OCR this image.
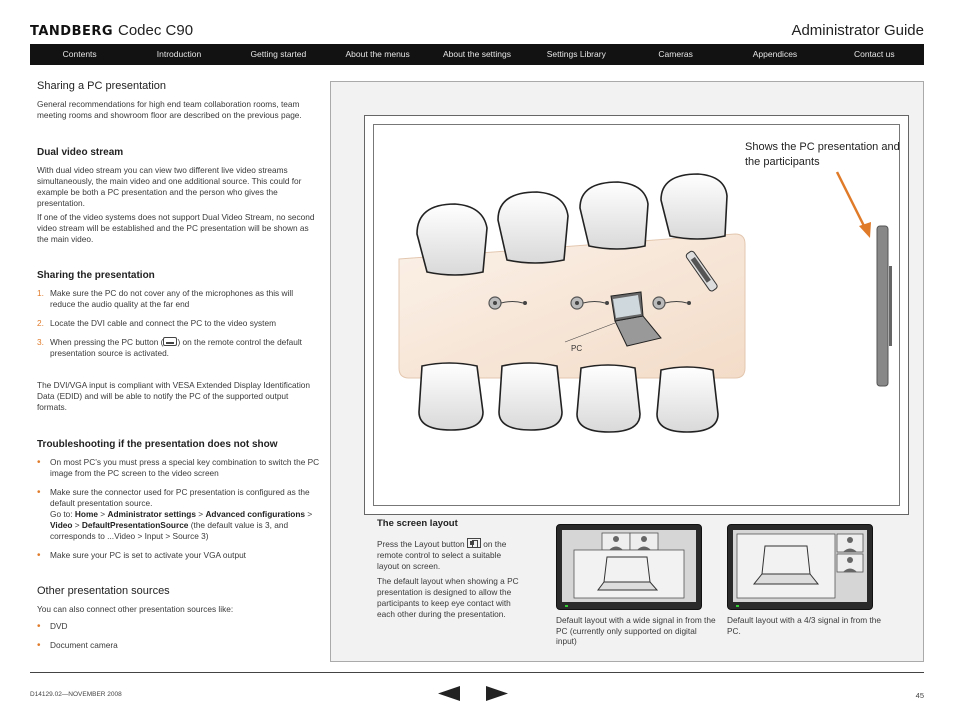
TANDBERG Codec C90	Administrator Guide
Contents	Introduction	Getting started	About the menus	About the settings	Settings Library	Cameras	Appendices	Contact us
Sharing a PC presentation
General recommendations for high end team collaboration rooms, team meeting rooms and showroom floor are described on the previous page.
Dual video stream
With dual video stream you can view two different live video streams simultaneously, the main video and one additional source. This could for example be both a PC presentation and the person who gives the presentation.
If one of the video systems does not support Dual Video Stream, no second video stream will be established and the PC presentation will be shown as the main video.
Sharing the presentation
1. Make sure the PC do not cover any of the microphones as this will reduce the audio quality at the far end
2. Locate the DVI cable and connect the PC to the video system
3. When pressing the PC button ( ) on the remote control the default presentation source is activated.
The DVI/VGA input is compliant with VESA Extended Display Identification Data (EDID) and will be able to notify the PC of the supported output formats.
Troubleshooting if the presentation does not show
• On most PC’s you must press a special key combination to switch the PC image from the PC screen to the video screen
• Make sure the connector used for PC presentation is configured as the default presentation source.
Go to: Home > Administrator settings > Advanced configurations > Video > DefaultPresentationSource (the default value is 3, and corresponds to ...Video > Input > Source 3)
• Make sure your PC is set to activate your VGA output
Other presentation sources
You can also connect other presentation sources like:
• DVD
• Document camera
Shows the PC presentation and the participants
PC
The screen layout
Press the Layout button on the remote control to select a suitable layout on screen.
The default layout when showing a PC presentation is designed to allow the participants to keep eye contact with each other during the presentation.
Default layout with a wide signal in from the PC (currently only supported on digital input)
Default layout with a 4/3 signal in from the PC.
D14129.02—NOVEMBER 2008	45
